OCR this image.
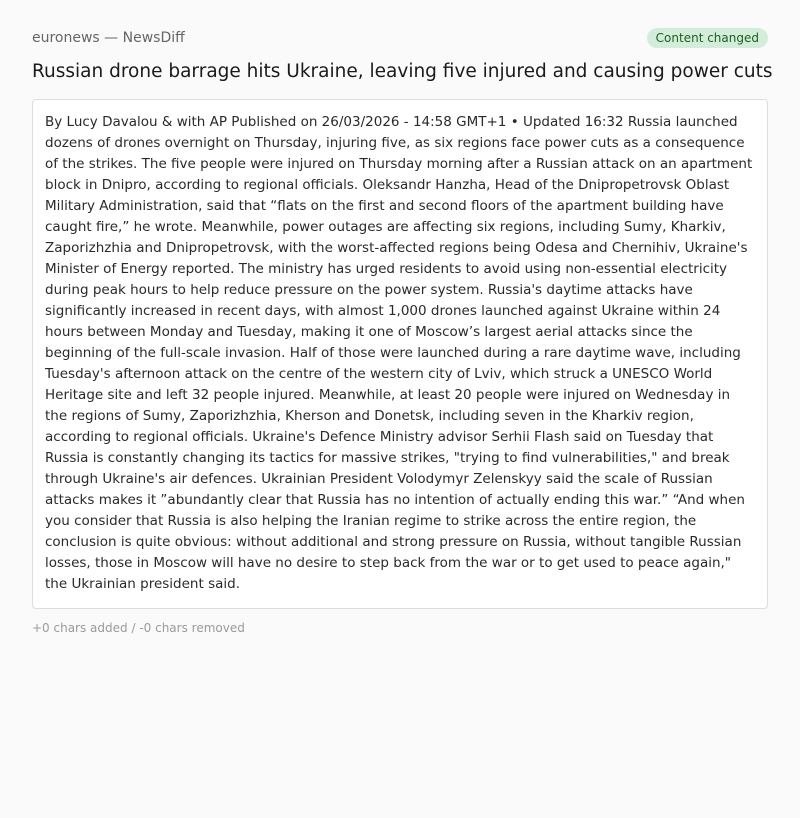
euronews — NewsDiff	Content changed
Russian drone barrage hits Ukraine, leaving five injured and causing power cuts

By Lucy Davalou & with AP Published on 26/03/2026 - 14:58 GMT+1 • Updated 16:32 Russia launched dozens of drones overnight on Thursday, injuring five, as six regions face power cuts as a consequence of the strikes. The five people were injured on Thursday morning after a Russian attack on an apartment block in Dnipro, according to regional officials. Oleksandr Hanzha, Head of the Dnipropetrovsk Oblast Military Administration, said that “flats on the first and second floors of the apartment building have caught fire,” he wrote. Meanwhile, power outages are affecting six regions, including Sumy, Kharkiv, Zaporizhzhia and Dnipropetrovsk, with the worst-affected regions being Odesa and Chernihiv, Ukraine's Minister of Energy reported. The ministry has urged residents to avoid using non-essential electricity during peak hours to help reduce pressure on the power system. Russia's daytime attacks have significantly increased in recent days, with almost 1,000 drones launched against Ukraine within 24 hours between Monday and Tuesday, making it one of Moscow’s largest aerial attacks since the beginning of the full-scale invasion. Half of those were launched during a rare daytime wave, including Tuesday's afternoon attack on the centre of the western city of Lviv, which struck a UNESCO World Heritage site and left 32 people injured. Meanwhile, at least 20 people were injured on Wednesday in the regions of Sumy, Zaporizhzhia, Kherson and Donetsk, including seven in the Kharkiv region, according to regional officials. Ukraine's Defence Ministry advisor Serhii Flash said on Tuesday that Russia is constantly changing its tactics for massive strikes, "trying to find vulnerabilities," and break through Ukraine's air defences. Ukrainian President Volodymyr Zelenskyy said the scale of Russian attacks makes it ”abundantly clear that Russia has no intention of actually ending this war.” “And when you consider that Russia is also helping the Iranian regime to strike across the entire region, the conclusion is quite obvious: without additional and strong pressure on Russia, without tangible Russian losses, those in Moscow will have no desire to step back from the war or to get used to peace again," the Ukrainian president said.

+0 chars added / -0 chars removed
